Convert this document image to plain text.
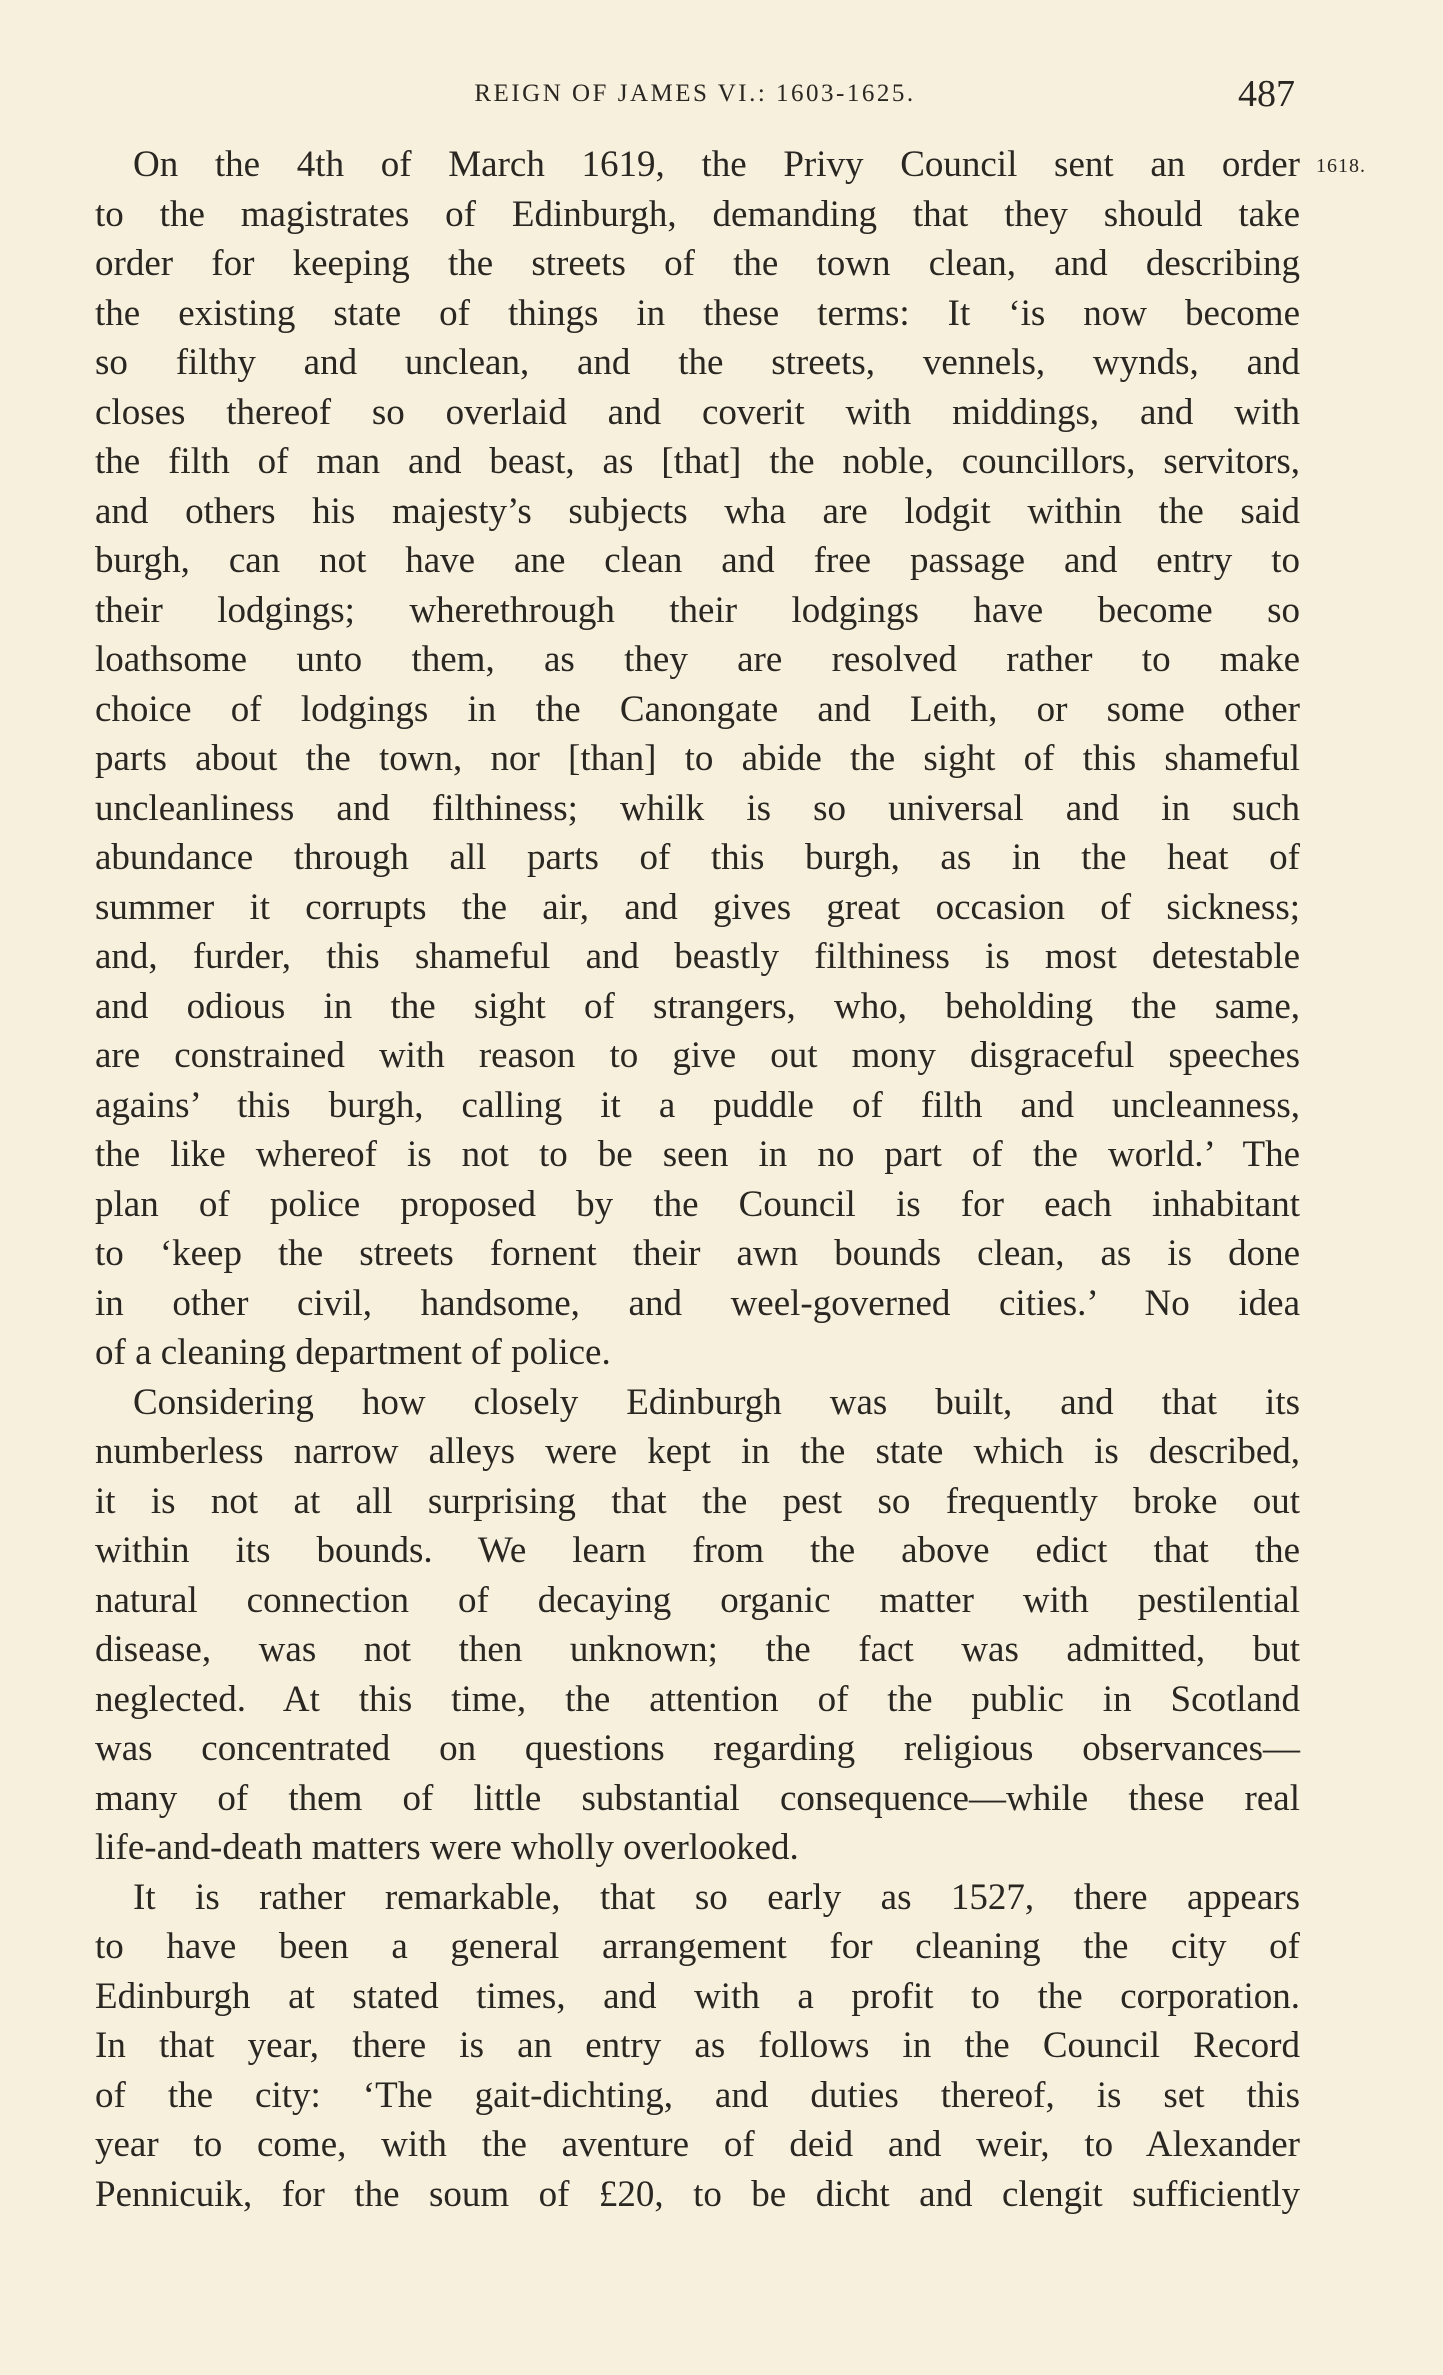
REIGN OF JAMES VI.: 1603-1625.	487
1618.
On the 4th of March 1619, the Privy Council sent an order
to the magistrates of Edinburgh, demanding that they should take
order for keeping the streets of the town clean, and describing
the existing state of things in these terms: It ‘is now become
so filthy and unclean, and the streets, vennels, wynds, and
closes thereof so overlaid and coverit with middings, and with
the filth of man and beast, as [that] the noble, councillors, servitors,
and others his majesty’s subjects wha are lodgit within the said
burgh, can not have ane clean and free passage and entry to
their lodgings; wherethrough their lodgings have become so
loathsome unto them, as they are resolved rather to make
choice of lodgings in the Canongate and Leith, or some other
parts about the town, nor [than] to abide the sight of this shameful
uncleanliness and filthiness; whilk is so universal and in such
abundance through all parts of this burgh, as in the heat of
summer it corrupts the air, and gives great occasion of sickness;
and, furder, this shameful and beastly filthiness is most detestable
and odious in the sight of strangers, who, beholding the same,
are constrained with reason to give out mony disgraceful speeches
agains’ this burgh, calling it a puddle of filth and uncleanness,
the like whereof is not to be seen in no part of the world.’ The
plan of police proposed by the Council is for each inhabitant
to ‘keep the streets fornent their awn bounds clean, as is done
in other civil, handsome, and weel-governed cities.’ No idea
of a cleaning department of police.
Considering how closely Edinburgh was built, and that its
numberless narrow alleys were kept in the state which is described,
it is not at all surprising that the pest so frequently broke out
within its bounds. We learn from the above edict that the
natural connection of decaying organic matter with pestilential
disease, was not then unknown; the fact was admitted, but
neglected. At this time, the attention of the public in Scotland
was concentrated on questions regarding religious observances—
many of them of little substantial consequence—while these real
life-and-death matters were wholly overlooked.
It is rather remarkable, that so early as 1527, there appears
to have been a general arrangement for cleaning the city of
Edinburgh at stated times, and with a profit to the corporation.
In that year, there is an entry as follows in the Council Record
of the city: ‘The gait-dichting, and duties thereof, is set this
year to come, with the aventure of deid and weir, to Alexander
Pennicuik, for the soum of £20, to be dicht and clengit sufficiently
